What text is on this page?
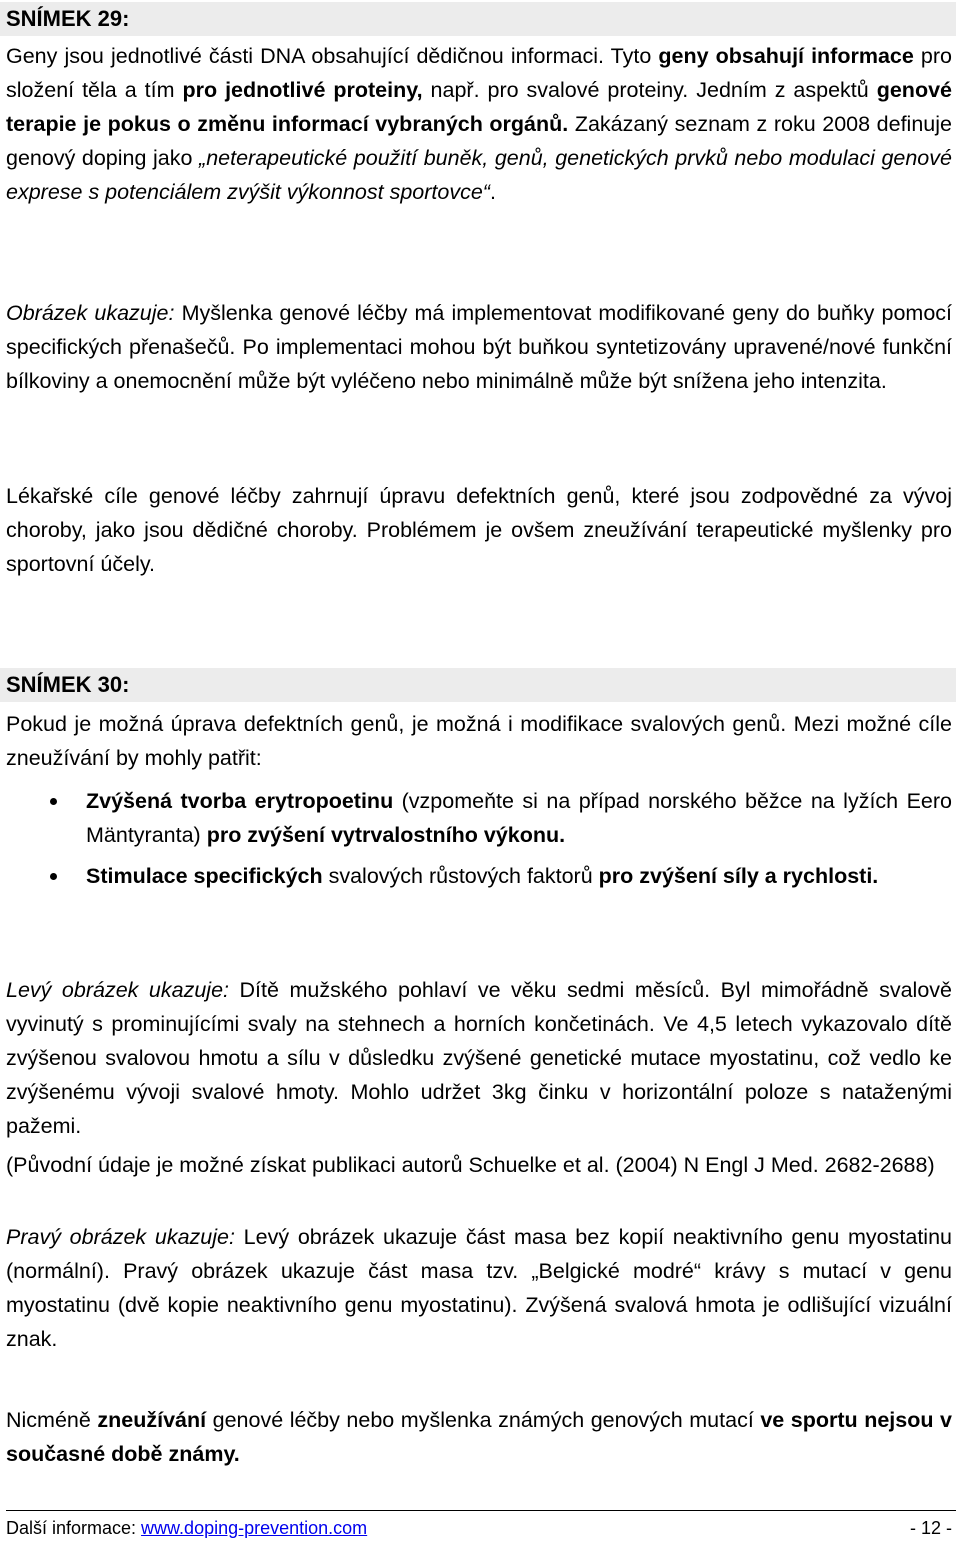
SNÍMEK 29:

Geny jsou jednotlivé části DNA obsahující dědičnou informaci. Tyto geny obsahují informace pro složení těla a tím pro jednotlivé proteiny, např. pro svalové proteiny. Jedním z aspektů genové terapie je pokus o změnu informací vybraných orgánů. Zakázaný seznam z roku 2008 definuje genový doping jako „neterapeutické použití buněk, genů, genetických prvků nebo modulaci genové exprese s potenciálem zvýšit výkonnost sportovce“.

Obrázek ukazuje: Myšlenka genové léčby má implementovat modifikované geny do buňky pomocí specifických přenašečů. Po implementaci mohou být buňkou syntetizovány upravené/nové funkční bílkoviny a onemocnění může být vyléčeno nebo minimálně může být snížena jeho intenzita.

Lékařské cíle genové léčby zahrnují úpravu defektních genů, které jsou zodpovědné za vývoj choroby, jako jsou dědičné choroby. Problémem je ovšem zneužívání terapeutické myšlenky pro sportovní účely.

SNÍMEK 30:

Pokud je možná úprava defektních genů, je možná i modifikace svalových genů. Mezi možné cíle zneužívání by mohly patřit:

Zvýšená tvorba erytropoetinu (vzpomeňte si na případ norského běžce na lyžích Eero Mäntyranta) pro zvýšení vytrvalostního výkonu.
Stimulace specifických svalových růstových faktorů pro zvýšení síly a rychlosti.

Levý obrázek ukazuje: Dítě mužského pohlaví ve věku sedmi měsíců. Byl mimořádně svalově vyvinutý s prominujícími svaly na stehnech a horních končetinách. Ve 4,5 letech vykazovalo dítě zvýšenou svalovou hmotu a sílu v důsledku zvýšené genetické mutace myostatinu, což vedlo ke zvýšenému vývoji svalové hmoty. Mohlo udržet 3kg činku v horizontální poloze s nataženými pažemi.

(Původní údaje je možné získat publikaci autorů Schuelke et al. (2004) N Engl J Med. 2682-2688)

Pravý obrázek ukazuje: Levý obrázek ukazuje část masa bez kopií neaktivního genu myostatinu (normální). Pravý obrázek ukazuje část masa tzv. „Belgické modré“ krávy s mutací v genu myostatinu (dvě kopie neaktivního genu myostatinu). Zvýšená svalová hmota je odlišující vizuální znak.

Nicméně zneužívání genové léčby nebo myšlenka známých genových mutací ve sportu nejsou v současné době známy.

Další informace: www.doping-prevention.com	- 12 -
